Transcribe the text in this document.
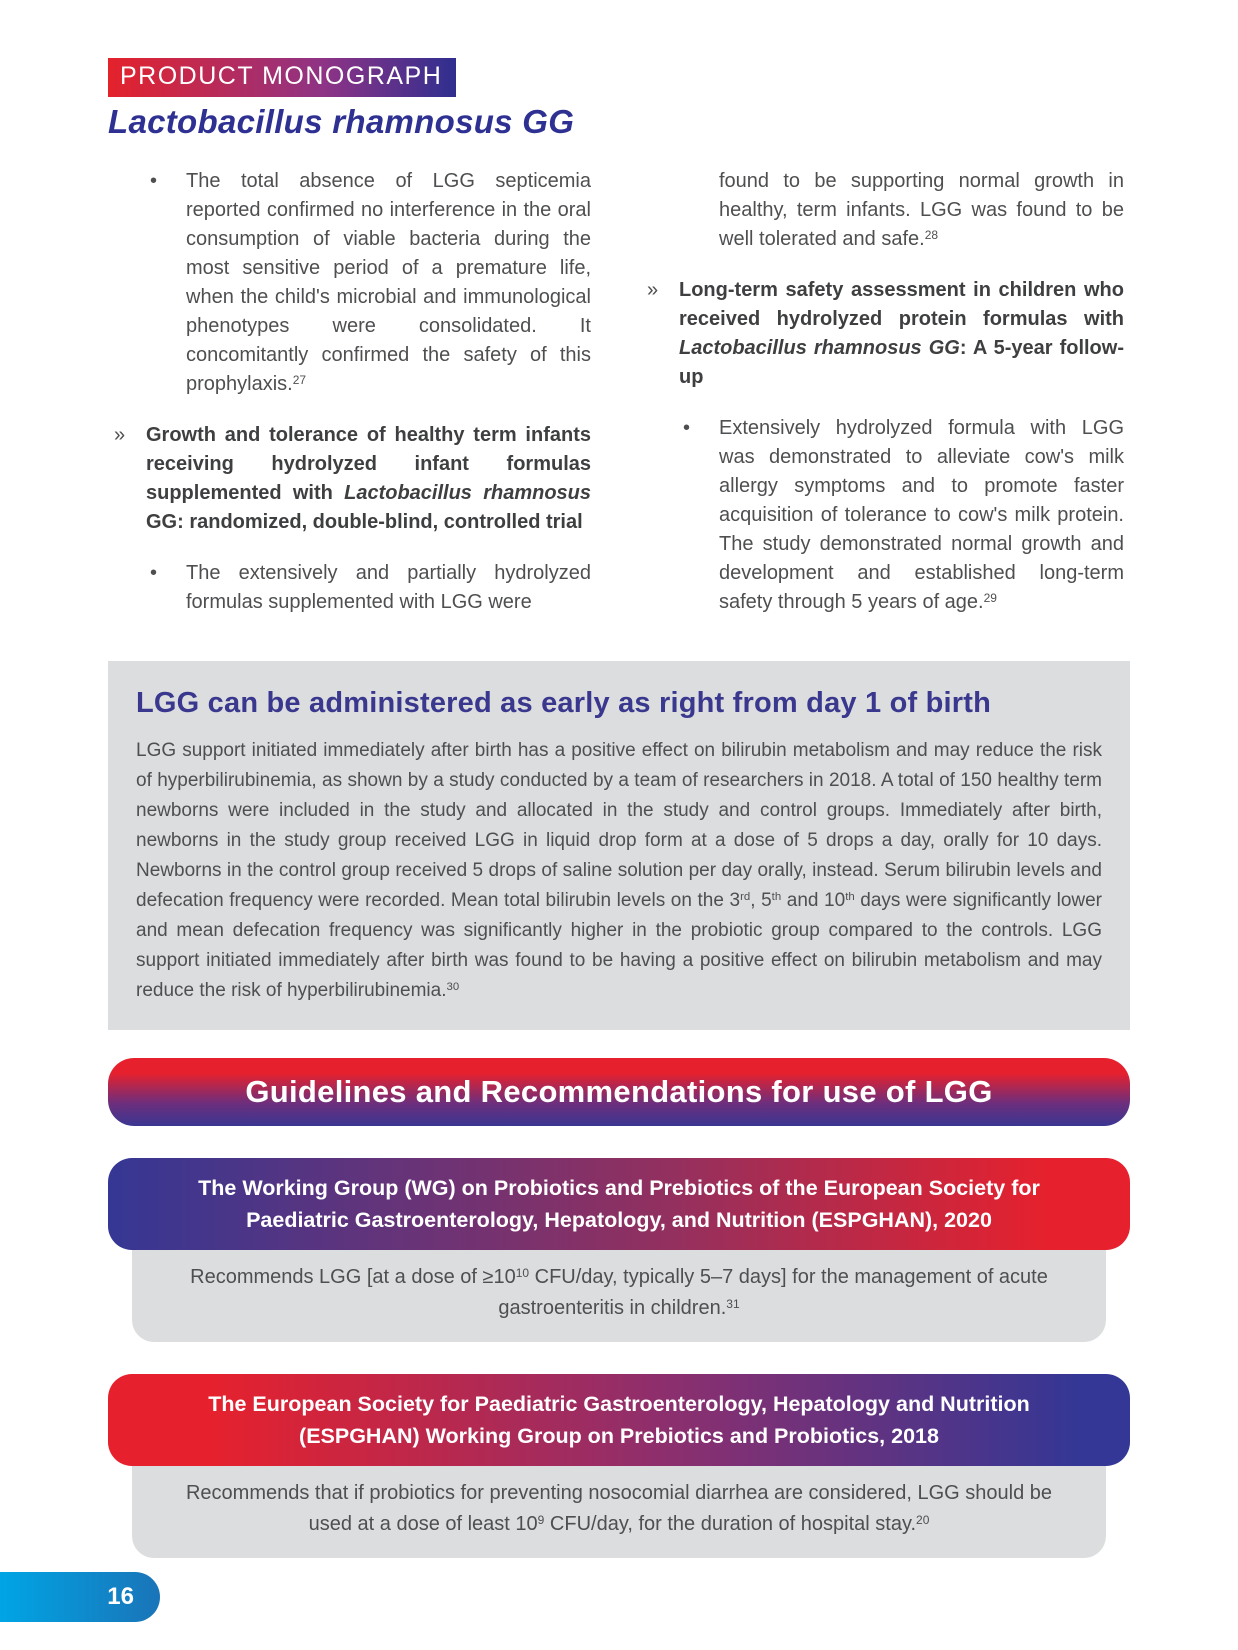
PRODUCT MONOGRAPH
Lactobacillus rhamnosus GG
• The total absence of LGG septicemia reported confirmed no interference in the oral consumption of viable bacteria during the most sensitive period of a premature life, when the child's microbial and immunological phenotypes were consolidated. It concomitantly confirmed the safety of this prophylaxis.$^{27}$

» Growth and tolerance of healthy term infants receiving hydrolyzed infant formulas supplemented with Lactobacillus rhamnosus GG: randomized, double-blind, controlled trial

• The extensively and partially hydrolyzed formulas supplemented with LGG were

found to be supporting normal growth in healthy, term infants. LGG was found to be well tolerated and safe.$^{28}$

» Long-term safety assessment in children who received hydrolyzed protein formulas with Lactobacillus rhamnosus GG: A 5-year follow-up

• Extensively hydrolyzed formula with LGG was demonstrated to alleviate cow's milk allergy symptoms and to promote faster acquisition of tolerance to cow's milk protein. The study demonstrated normal growth and development and established long-term safety through 5 years of age.$^{29}$

LGG can be administered as early as right from day 1 of birth

LGG support initiated immediately after birth has a positive effect on bilirubin metabolism and may reduce the risk of hyperbilirubinemia, as shown by a study conducted by a team of researchers in 2018. A total of 150 healthy term newborns were included in the study and allocated in the study and control groups. Immediately after birth, newborns in the study group received LGG in liquid drop form at a dose of 5 drops a day, orally for 10 days. Newborns in the control group received 5 drops of saline solution per day orally, instead. Serum bilirubin levels and defecation frequency were recorded. Mean total bilirubin levels on the 3rd, 5th and 10th days were significantly lower and mean defecation frequency was significantly higher in the probiotic group compared to the controls. LGG support initiated immediately after birth was found to be having a positive effect on bilirubin metabolism and may reduce the risk of hyperbilirubinemia.$^{30}$

Guidelines and Recommendations for use of LGG
The Working Group (WG) on Probiotics and Prebiotics of the European Society for Paediatric Gastroenterology, Hepatology, and Nutrition (ESPGHAN), 2020

Recommends LGG [at a dose of $\ge 10^{10}$ CFU/day, typically 5–7 days] for the management of acute gastroenteritis in children.$^{31}$

The European Society for Paediatric Gastroenterology, Hepatology and Nutrition (ESPGHAN) Working Group on Prebiotics and Probiotics, 2018

Recommends that if probiotics for preventing nosocomial diarrhea are considered, LGG should be used at a dose of least $10^9$ CFU/day, for the duration of hospital stay.$^{20}$

16
